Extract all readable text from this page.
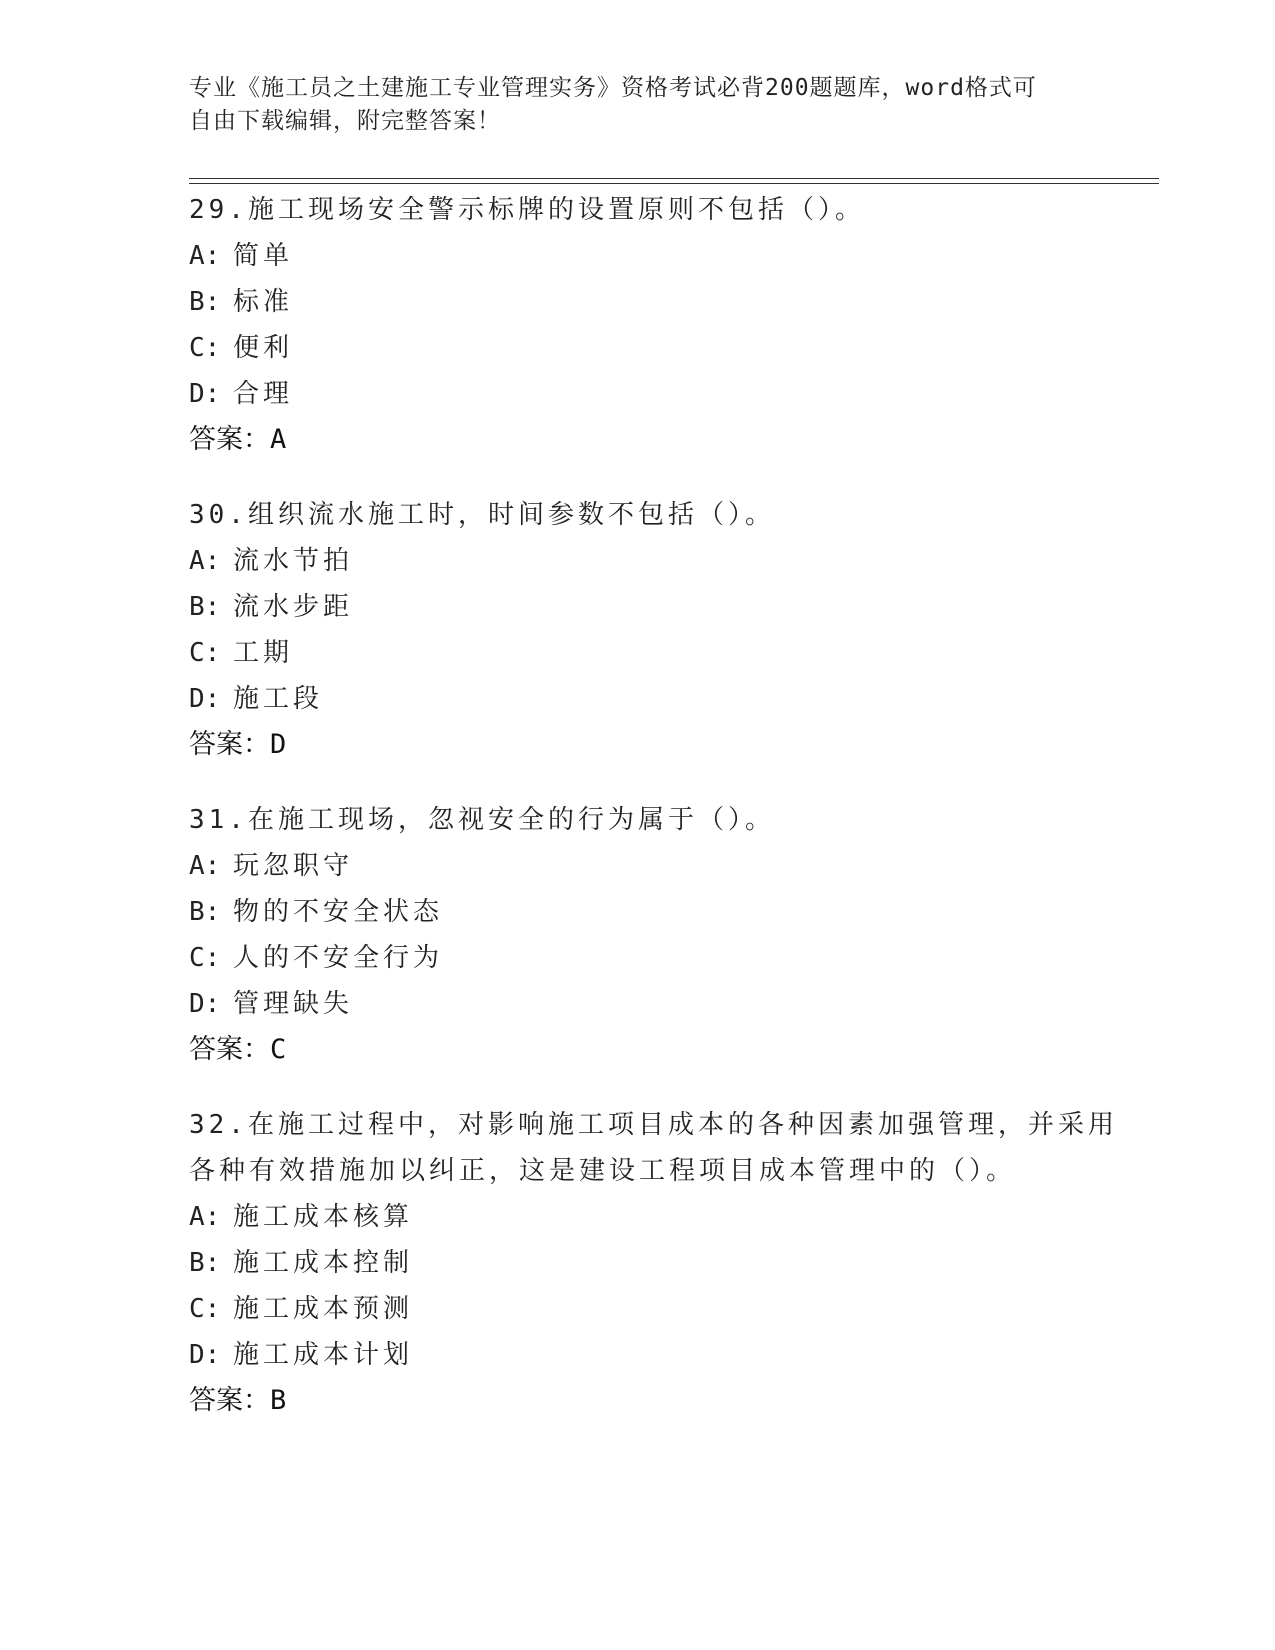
专业《施工员之土建施工专业管理实务》资格考试必背200题题库，word格式可
自由下载编辑，附完整答案！
29.施工现场安全警示标牌的设置原则不包括（）。
A: 简单
B: 标准
C: 便利
D: 合理
答案：A
30.组织流水施工时，时间参数不包括（）。
A: 流水节拍
B: 流水步距
C: 工期
D: 施工段
答案：D
31.在施工现场，忽视安全的行为属于（）。
A: 玩忽职守
B: 物的不安全状态
C: 人的不安全行为
D: 管理缺失
答案：C
32.在施工过程中，对影响施工项目成本的各种因素加强管理，并采用
各种有效措施加以纠正，这是建设工程项目成本管理中的（）。
A: 施工成本核算
B: 施工成本控制
C: 施工成本预测
D: 施工成本计划
答案：B
